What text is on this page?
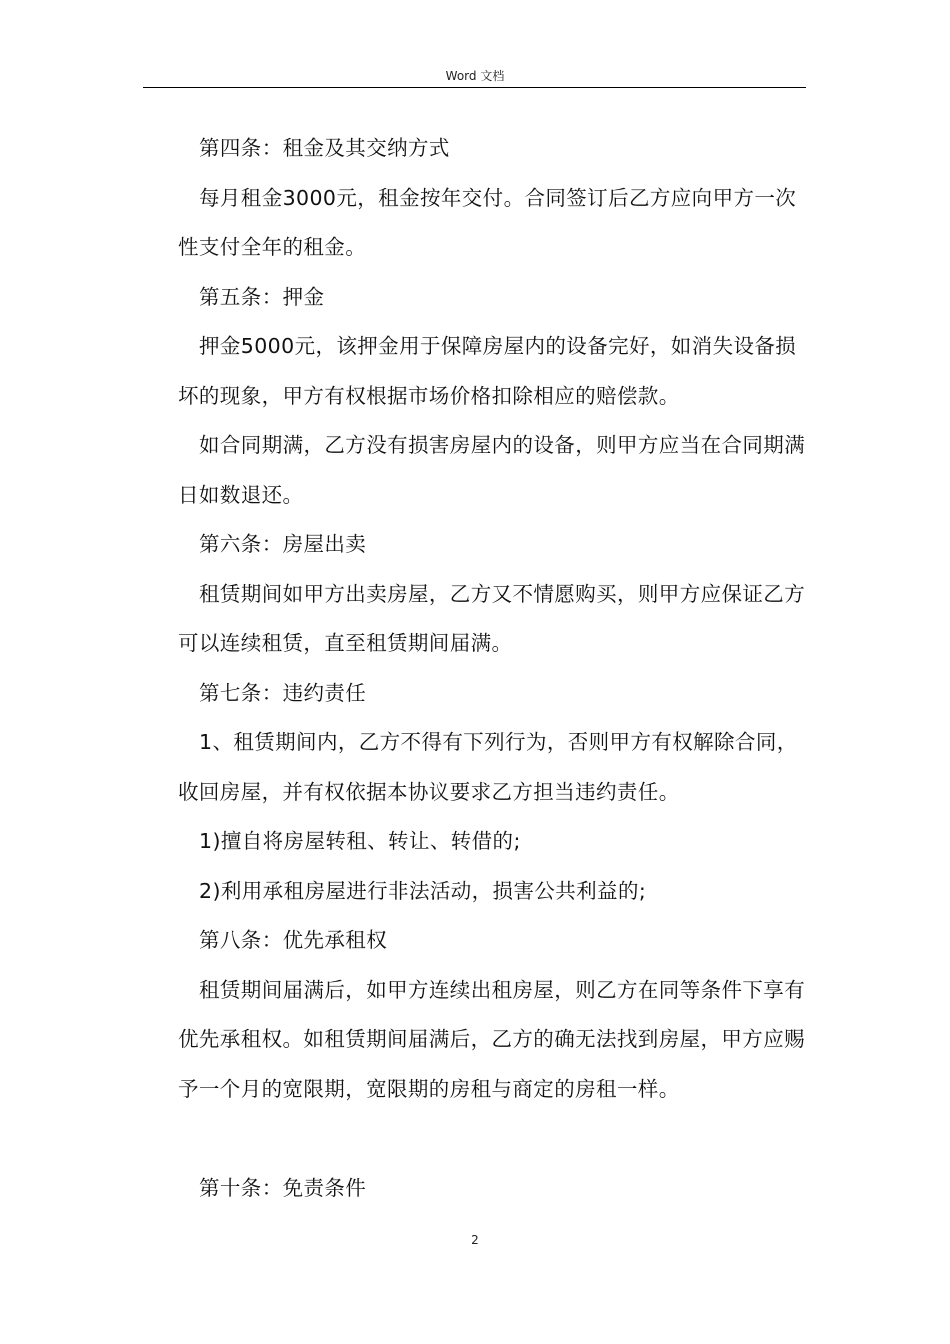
Word 文档

第四条：租金及其交纳方式

每月租金3000元，租金按年交付。合同签订后乙方应向甲方一次性支付全年的租金。

第五条：押金

押金5000元，该押金用于保障房屋内的设备完好，如消失设备损坏的现象，甲方有权根据市场价格扣除相应的赔偿款。

如合同期满，乙方没有损害房屋内的设备，则甲方应当在合同期满日如数退还。

第六条：房屋出卖

租赁期间如甲方出卖房屋，乙方又不情愿购买，则甲方应保证乙方可以连续租赁，直至租赁期间届满。

第七条：违约责任

1、租赁期间内，乙方不得有下列行为，否则甲方有权解除合同，收回房屋，并有权依据本协议要求乙方担当违约责任。

1)擅自将房屋转租、转让、转借的;

2)利用承租房屋进行非法活动，损害公共利益的;

第八条：优先承租权

租赁期间届满后，如甲方连续出租房屋，则乙方在同等条件下享有优先承租权。如租赁期间届满后，乙方的确无法找到房屋，甲方应赐予一个月的宽限期，宽限期的房租与商定的房租一样。

第十条：免责条件

2
